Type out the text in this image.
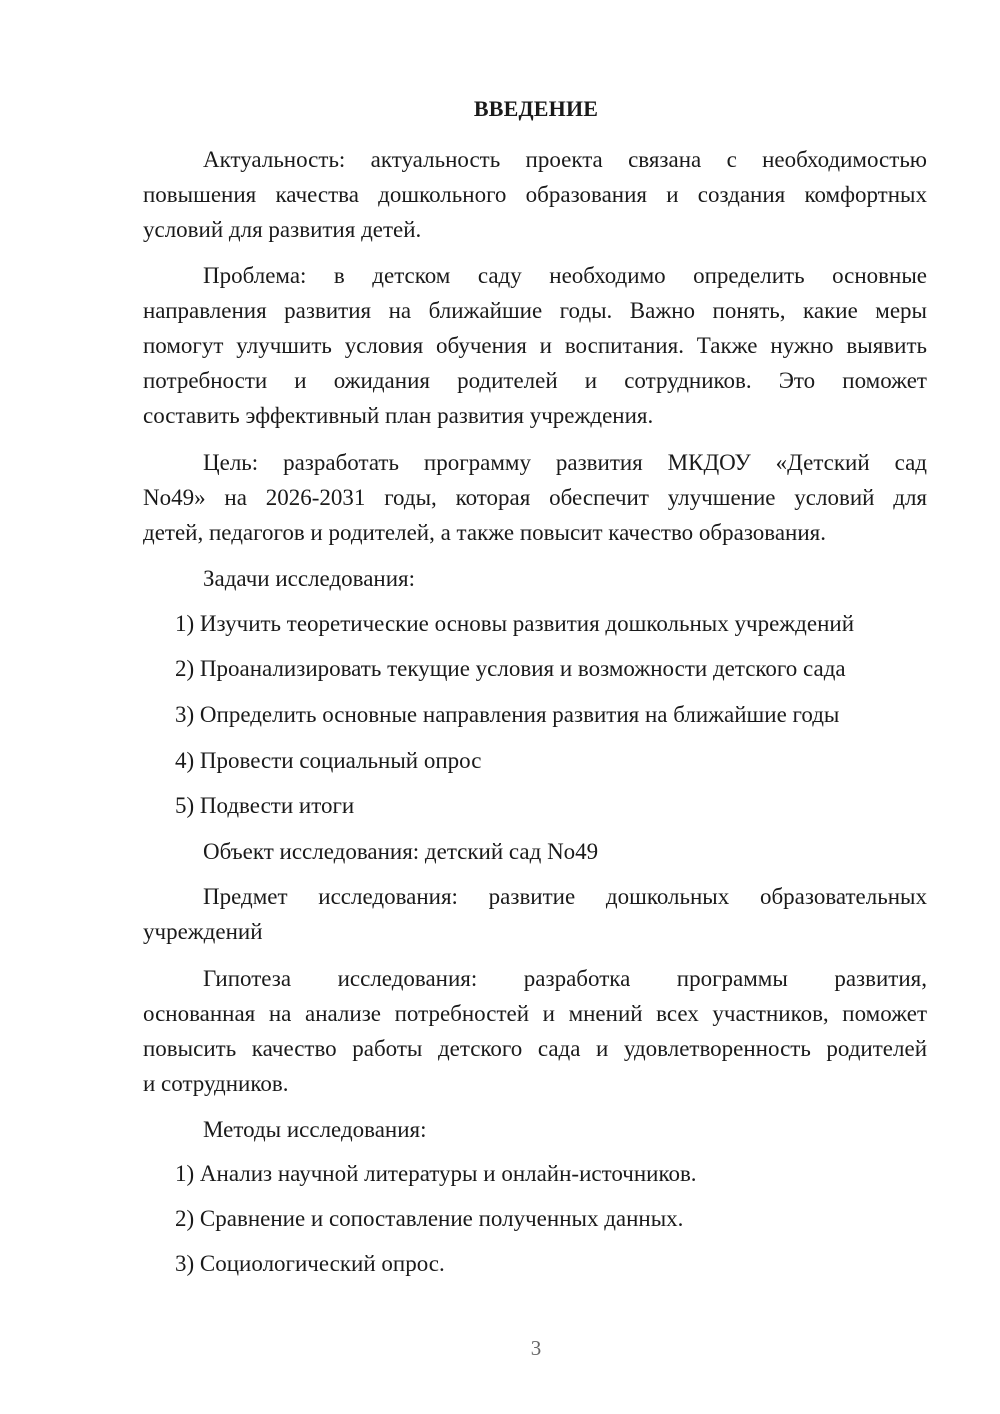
ВВЕДЕНИЕ
Актуальность: актуальность проекта связана с необходимостью
повышения качества дошкольного образования и создания комфортных
условий для развития детей.
Проблема: в детском саду необходимо определить основные
направления развития на ближайшие годы. Важно понять, какие меры
помогут улучшить условия обучения и воспитания. Также нужно выявить
потребности и ожидания родителей и сотрудников. Это поможет
составить эффективный план развития учреждения.
Цель: разработать программу развития МКДОУ «Детский сад
No49» на 2026-2031 годы, которая обеспечит улучшение условий для
детей, педагогов и родителей, а также повысит качество образования.
Задачи исследования:
1) Изучить теоретические основы развития дошкольных учреждений
2) Проанализировать текущие условия и возможности детского сада
3) Определить основные направления развития на ближайшие годы
4) Провести социальный опрос
5) Подвести итоги
Объект исследования: детский сад No49
Предмет исследования: развитие дошкольных образовательных
учреждений
Гипотеза исследования: разработка программы развития,
основанная на анализе потребностей и мнений всех участников, поможет
повысить качество работы детского сада и удовлетворенность родителей
и сотрудников.
Методы исследования:
1) Анализ научной литературы и онлайн-источников.
2) Сравнение и сопоставление полученных данных.
3) Социологический опрос.
3
